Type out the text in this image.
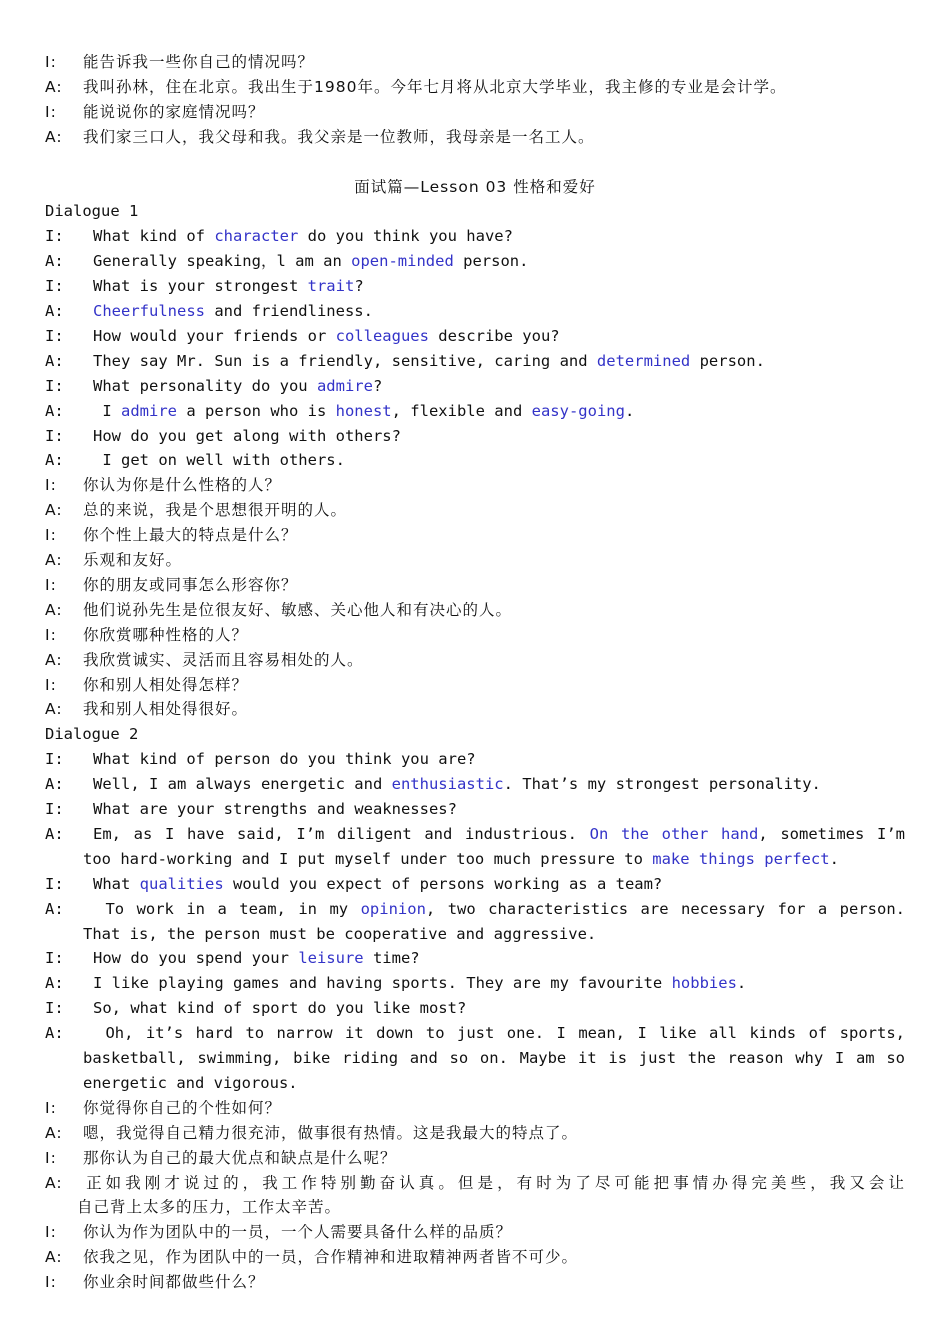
I: 能告诉我一些你自己的情况吗？
A: 我叫孙林，住在北京。我出生于1980年。今年七月将从北京大学毕业，我主修的专业是会计学。
I: 能说说你的家庭情况吗？
A: 我们家三口人，我父母和我。我父亲是一位教师，我母亲是一名工人。
面试篇—Lesson 03 性格和爱好
Dialogue 1
I: What kind of character do you think you have?
A: Generally speaking，l am an open-minded person.
I: What is your strongest trait?
A: Cheerfulness and friendliness.
I: How would your friends or colleagues describe you?
A: They say Mr. Sun is a friendly, sensitive, caring and determined person.
I: What personality do you admire?
A: I admire a person who is honest, flexible and easy-going.
I: How do you get along with others?
A: I get on well with others.
I: 你认为你是什么性格的人？
A: 总的来说，我是个思想很开明的人。
I: 你个性上最大的特点是什么？
A: 乐观和友好。
I: 你的朋友或同事怎么形容你？
A: 他们说孙先生是位很友好、敏感、关心他人和有决心的人。
I: 你欣赏哪种性格的人？
A: 我欣赏诚实、灵活而且容易相处的人。
I: 你和别人相处得怎样？
A: 我和别人相处得很好。
Dialogue 2
I: What kind of person do you think you are?
A: Well, I am always energetic and enthusiastic. That’s my strongest personality.
I: What are your strengths and weaknesses?
A: Em, as I have said, I’m diligent and industrious. On the other hand, sometimes I’m
too hard-working and I put myself under too much pressure to make things perfect.
I: What qualities would you expect of persons working as a team?
A: To work in a team, in my opinion, two characteristics are necessary for a person.
That is, the person must be cooperative and aggressive.
I: How do you spend your leisure time?
A: I like playing games and having sports. They are my favourite hobbies.
I: So, what kind of sport do you like most?
A: Oh, it’s hard to narrow it down to just one. I mean, I like all kinds of sports,
basketball, swimming, bike riding and so on. Maybe it is just the reason why I am so
energetic and vigorous.
I: 你觉得你自己的个性如何？
A: 嗯，我觉得自己精力很充沛，做事很有热情。这是我最大的特点了。
I: 那你认为自己的最大优点和缺点是什么呢？
A: 正如我刚才说过的，我工作特别勤奋认真。但是，有时为了尽可能把事情办得完美些，我又会让
自己背上太多的压力，工作太辛苦。
I: 你认为作为团队中的一员，一个人需要具备什么样的品质？
A: 依我之见，作为团队中的一员，合作精神和进取精神两者皆不可少。
I: 你业余时间都做些什么？
